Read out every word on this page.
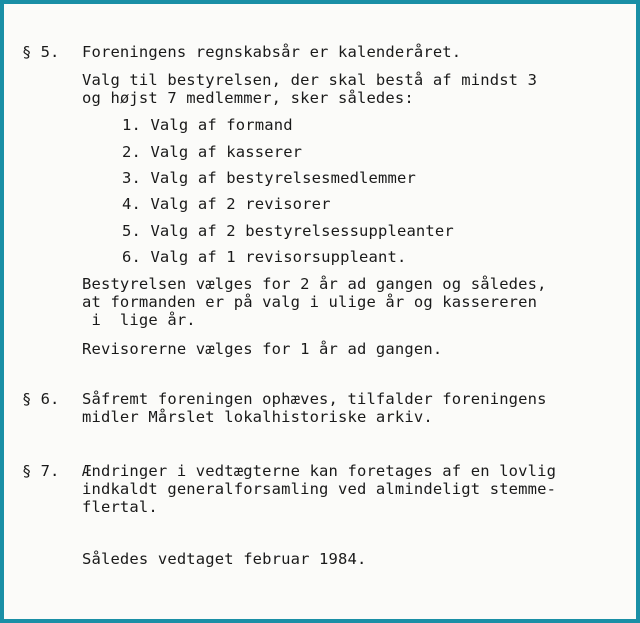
§ 5. Foreningens regnskabsår er kalenderåret.
Valg til bestyrelsen, der skal bestå af mindst 3
og højst 7 medlemmer, sker således:
1. Valg af formand
2. Valg af kasserer
3. Valg af bestyrelsesmedlemmer
4. Valg af 2 revisorer
5. Valg af 2 bestyrelsessuppleanter
6. Valg af 1 revisorsuppleant.
Bestyrelsen vælges for 2 år ad gangen og således,
at formanden er på valg i ulige år og kassereren
i  lige år.
Revisorerne vælges for 1 år ad gangen.
§ 6. Såfremt foreningen ophæves, tilfalder foreningens
midler Mårslet lokalhistoriske arkiv.
§ 7. Ændringer i vedtægterne kan foretages af en lovlig
indkaldt generalforsamling ved almindeligt stemme-
flertal.
Således vedtaget februar 1984.
